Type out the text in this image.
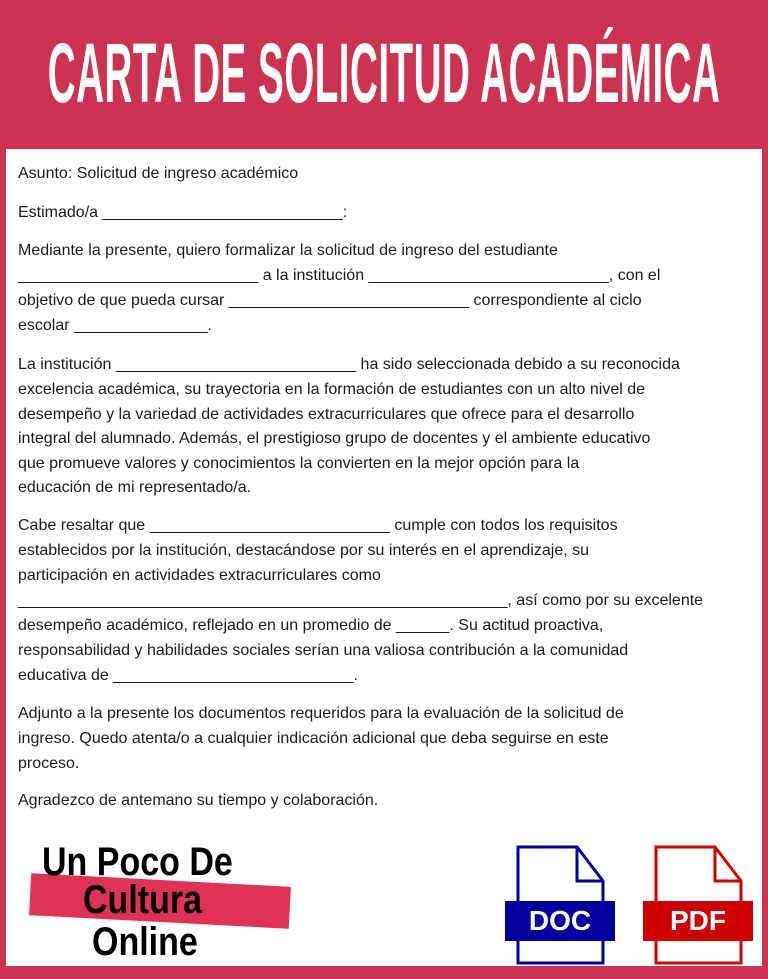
CARTA DE SOLICITUD ACADÉMICA
Asunto: Solicitud de ingreso académico
Estimado/a ___________________________:
Mediante la presente, quiero formalizar la solicitud de ingreso del estudiante
___________________________ a la institución ___________________________, con el
objetivo de que pueda cursar ___________________________ correspondiente al ciclo
escolar _______________.
La institución ___________________________ ha sido seleccionada debido a su reconocida
excelencia académica, su trayectoria en la formación de estudiantes con un alto nivel de
desempeño y la variedad de actividades extracurriculares que ofrece para el desarrollo
integral del alumnado. Además, el prestigioso grupo de docentes y el ambiente educativo
que promueve valores y conocimientos la convierten en la mejor opción para la
educación de mi representado/a.
Cabe resaltar que ___________________________ cumple con todos los requisitos
establecidos por la institución, destacándose por su interés en el aprendizaje, su
participación en actividades extracurriculares como
_______________________________________________________, así como por su excelente
desempeño académico, reflejado en un promedio de ______. Su actitud proactiva,
responsabilidad y habilidades sociales serían una valiosa contribución a la comunidad
educativa de ___________________________.
Adjunto a la presente los documentos requeridos para la evaluación de la solicitud de
ingreso. Quedo atenta/o a cualquier indicación adicional que deba seguirse en este
proceso.
Agradezco de antemano su tiempo y colaboración.
Un Poco De
Cultura
Online	DOC	PDF
